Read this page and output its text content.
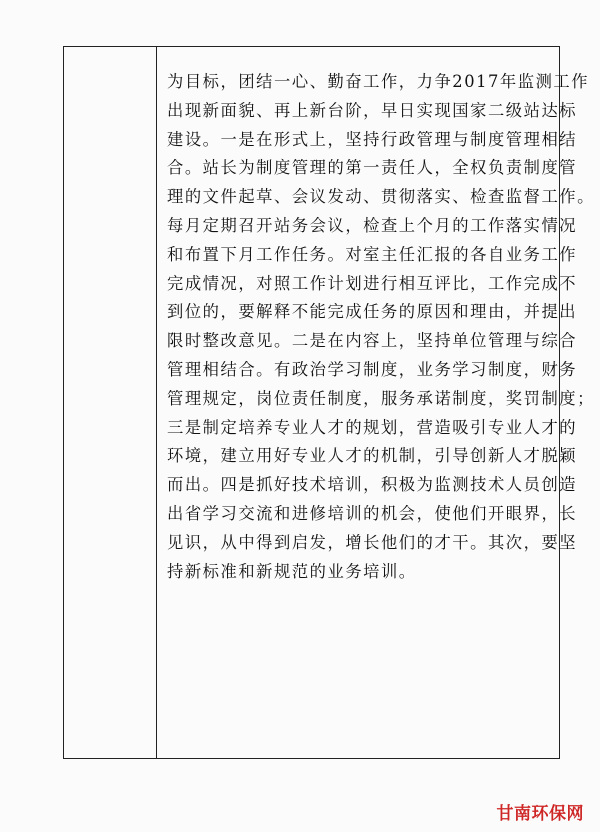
为目标，团结一心、勤奋工作，力争2017年监测工作
出现新面貌、再上新台阶，早日实现国家二级站达标
建设。一是在形式上，坚持行政管理与制度管理相结
合。站长为制度管理的第一责任人，全权负责制度管
理的文件起草、会议发动、贯彻落实、检查监督工作。
每月定期召开站务会议，检查上个月的工作落实情况
和布置下月工作任务。对室主任汇报的各自业务工作
完成情况，对照工作计划进行相互评比，工作完成不
到位的，要解释不能完成任务的原因和理由，并提出
限时整改意见。二是在内容上，坚持单位管理与综合
管理相结合。有政治学习制度，业务学习制度，财务
管理规定，岗位责任制度，服务承诺制度，奖罚制度；
三是制定培养专业人才的规划，营造吸引专业人才的
环境，建立用好专业人才的机制，引导创新人才脱颖
而出。四是抓好技术培训，积极为监测技术人员创造
出省学习交流和进修培训的机会，使他们开眼界，长
见识，从中得到启发，增长他们的才干。其次，要坚
持新标准和新规范的业务培训。
甘南环保网
